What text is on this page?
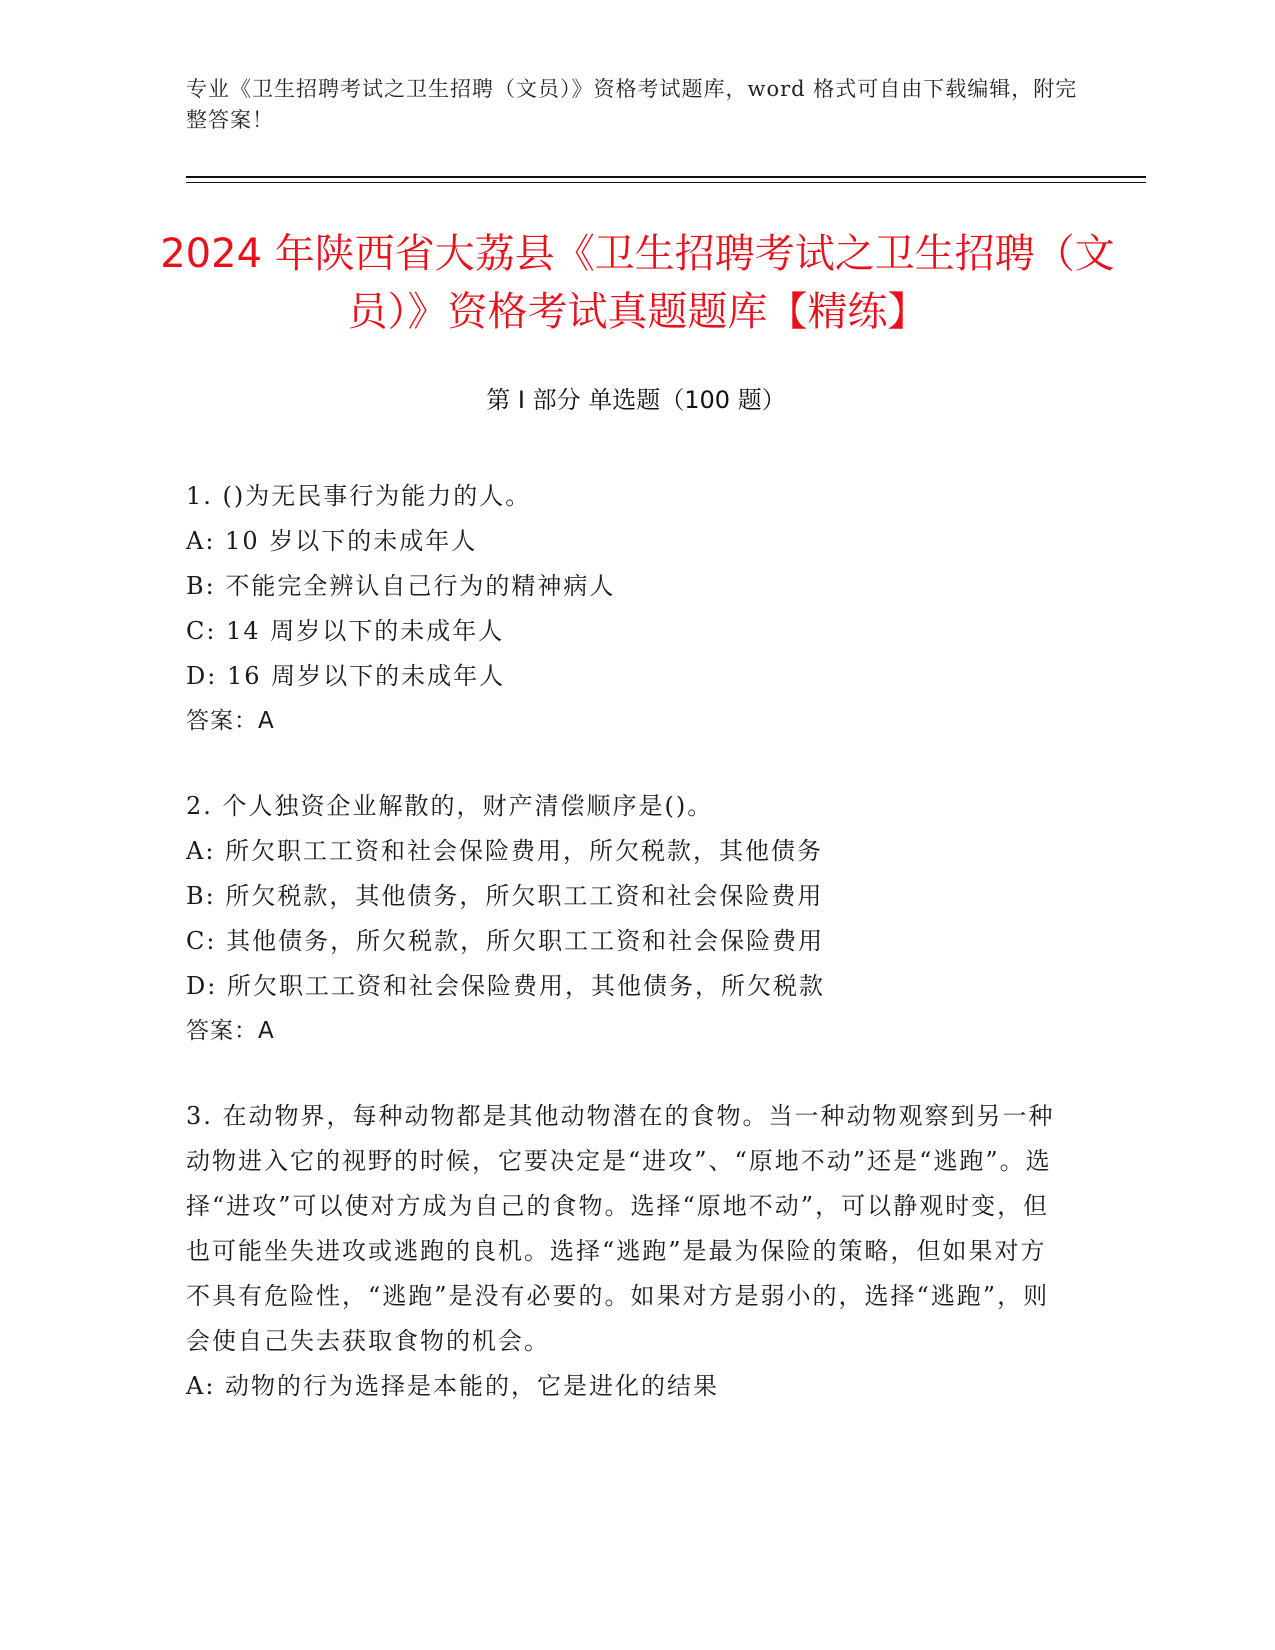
专业《卫生招聘考试之卫生招聘（文员）》资格考试题库，word 格式可自由下载编辑，附完整答案！
2024 年陕西省大荔县《卫生招聘考试之卫生招聘（文员）》资格考试真题题库【精练】
第 I 部分 单选题（100 题）
1. ()为无民事行为能力的人。
A: 10 岁以下的未成年人
B: 不能完全辨认自己行为的精神病人
C: 14 周岁以下的未成年人
D: 16 周岁以下的未成年人
答案：A
2. 个人独资企业解散的，财产清偿顺序是()。
A: 所欠职工工资和社会保险费用，所欠税款，其他债务
B: 所欠税款，其他债务，所欠职工工资和社会保险费用
C: 其他债务，所欠税款，所欠职工工资和社会保险费用
D: 所欠职工工资和社会保险费用，其他债务，所欠税款
答案：A
3. 在动物界，每种动物都是其他动物潜在的食物。当一种动物观察到另一种动物进入它的视野的时候，它要决定是“进攻”、“原地不动”还是“逃跑”。选择“进攻”可以使对方成为自己的食物。选择“原地不动”，可以静观时变，但也可能坐失进攻或逃跑的良机。选择“逃跑”是最为保险的策略，但如果对方不具有危险性，“逃跑”是没有必要的。如果对方是弱小的，选择“逃跑”，则会使自己失去获取食物的机会。
A: 动物的行为选择是本能的，它是进化的结果
